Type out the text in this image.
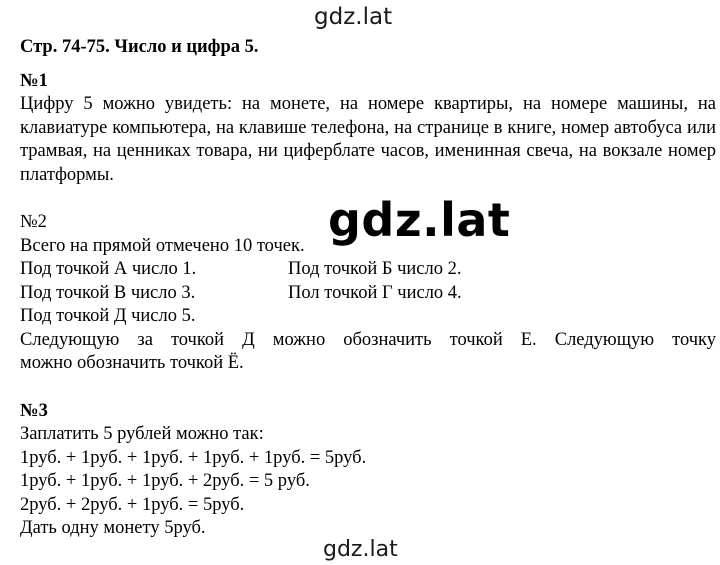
gdz.lat

Стр. 74-75. Число и цифра 5.

№1

Цифру 5 можно увидеть: на монете, на номере квартиры, на номере машины, на клавиатуре компьютера, на клавише телефона, на странице в книге, номер автобуса или трамвая, на ценниках товара, ни циферблате часов, именинная свеча, на вокзале номер платформы.

№2

Всего на прямой отмечено 10 точек.

Под точкой А число 1.	Под точкой Б число 2.
Под точкой В число 3.	Пол точкой Г число 4.

Под точкой Д число 5.

Следующую за точкой Д можно обозначить точкой Е. Следующую точку

можно обозначить точкой Ё.

№3

Заплатить 5 рублей можно так:

1руб. + 1руб. + 1руб. + 1руб. + 1руб. = 5руб.

1руб. + 1руб. + 1руб. + 2руб. = 5 руб.

2руб. + 2руб. + 1руб. = 5руб.

Дать одну монету 5руб.

gdz.lat
gdz.lat
